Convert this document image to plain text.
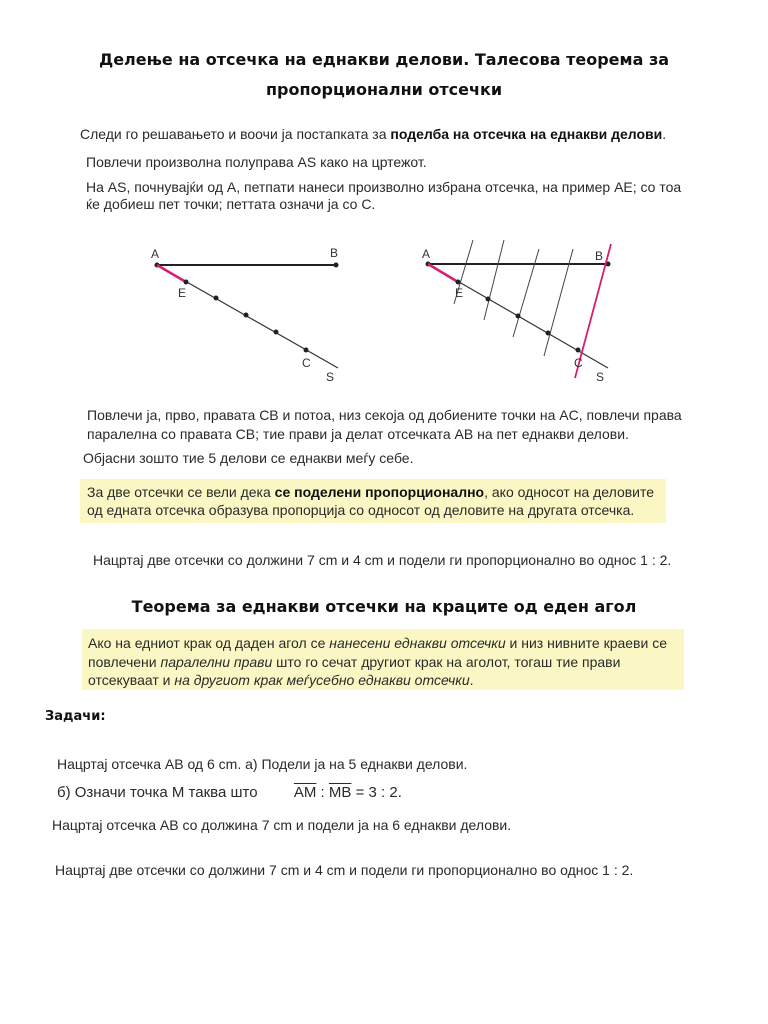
Делење на отсечка на еднакви делови. Талесова теорема за
пропорционални отсечки
Следи го решавањето и воочи ја постапката за поделба на отсечка на еднакви делови.
Повлечи произволна полуправа AS како на цртежот.
На AS, почнувајќи од A, петпати нанеси произволно избрана отсечка, на пример AE; со тоа
ќе добиеш пет точки; петтата означи ја со C.
A	B
E
C
S
A	B
E
C
S
Повлечи ја, прво, правата CB и потоа, низ секоја од добиените точки на AC, повлечи права
паралелна со правата CB; тие прави ја делат отсечката AB на пет еднакви делови.
Објасни зошто тие 5 делови се еднакви меѓу себе.
За две отсечки се вели дека се поделени пропорционално, ако односот на деловите
од едната отсечка образува пропорција со односот од деловите на другата отсечка.
Нацртај две отсечки со должини 7 cm и 4 cm и подели ги пропорционално во однос 1 : 2.
Теорема за еднакви отсечки на краците од еден агол
Ако на едниот крак од даден агол се нанесени еднакви отсечки и низ нивните краеви се
повлечени паралелни прави што го сечат другиот крак на аголот, тогаш тие прави
отсекуваат и на другиот крак меѓусебно еднакви отсечки.
Задачи:
Нацртај отсечка AB од 6 cm. а) Подели ја на 5 еднакви делови.
б) Означи точка M таква што $\overline{AM}$ : $\overline{MB} = 3$ : 2.
Нацртај отсечка AB со должина 7 cm и подели ја на 6 еднакви делови.
Нацртај две отсечки со должини 7 cm и 4 cm и подели ги пропорционално во однос 1 : 2.
